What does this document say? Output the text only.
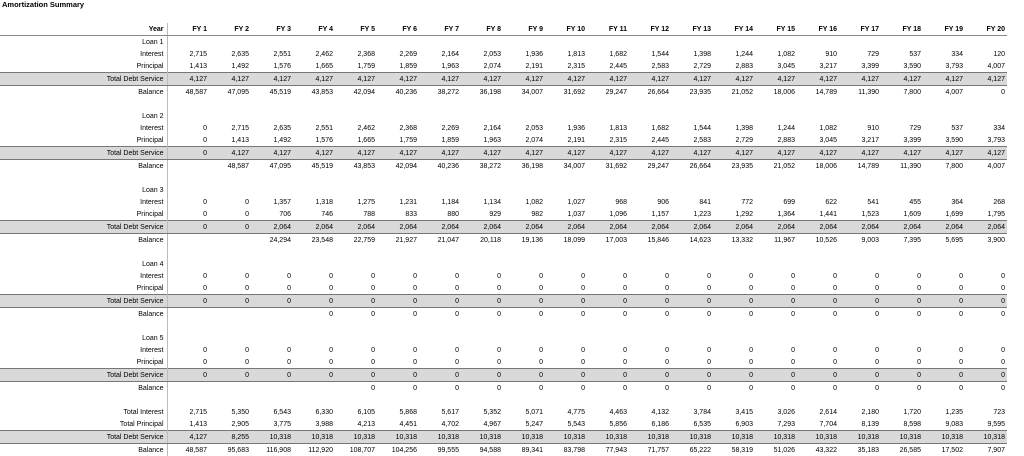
Amortization Summary
Year	FY 1	FY 2	FY 3	FY 4	FY 5	FY 6	FY 7	FY 8	FY 9	FY 10	FY 11	FY 12	FY 13	FY 14	FY 15	FY 16	FY 17	FY 18	FY 19	FY 20
Loan 1																				
Interest	2,715	2,635	2,551	2,462	2,368	2,269	2,164	2,053	1,936	1,813	1,682	1,544	1,398	1,244	1,082	910	729	537	334	120
Principal	1,413	1,492	1,576	1,665	1,759	1,859	1,963	2,074	2,191	2,315	2,445	2,583	2,729	2,883	3,045	3,217	3,399	3,590	3,793	4,007
Total Debt Service	4,127	4,127	4,127	4,127	4,127	4,127	4,127	4,127	4,127	4,127	4,127	4,127	4,127	4,127	4,127	4,127	4,127	4,127	4,127	4,127
Balance	48,587	47,095	45,519	43,853	42,094	40,236	38,272	36,198	34,007	31,692	29,247	26,664	23,935	21,052	18,006	14,789	11,390	7,800	4,007	0

Loan 2																				
Interest	0	2,715	2,635	2,551	2,462	2,368	2,269	2,164	2,053	1,936	1,813	1,682	1,544	1,398	1,244	1,082	910	729	537	334
Principal	0	1,413	1,492	1,576	1,665	1,759	1,859	1,963	2,074	2,191	2,315	2,445	2,583	2,729	2,883	3,045	3,217	3,399	3,590	3,793
Total Debt Service	0	4,127	4,127	4,127	4,127	4,127	4,127	4,127	4,127	4,127	4,127	4,127	4,127	4,127	4,127	4,127	4,127	4,127	4,127	4,127
Balance		48,587	47,095	45,519	43,853	42,094	40,236	38,272	36,198	34,007	31,692	29,247	26,664	23,935	21,052	18,006	14,789	11,390	7,800	4,007

Loan 3																				
Interest	0	0	1,357	1,318	1,275	1,231	1,184	1,134	1,082	1,027	968	906	841	772	699	622	541	455	364	268
Principal	0	0	706	746	788	833	880	929	982	1,037	1,096	1,157	1,223	1,292	1,364	1,441	1,523	1,609	1,699	1,795
Total Debt Service	0	0	2,064	2,064	2,064	2,064	2,064	2,064	2,064	2,064	2,064	2,064	2,064	2,064	2,064	2,064	2,064	2,064	2,064	2,064
Balance			24,294	23,548	22,759	21,927	21,047	20,118	19,136	18,099	17,003	15,846	14,623	13,332	11,967	10,526	9,003	7,395	5,695	3,900

Loan 4																				
Interest	0	0	0	0	0	0	0	0	0	0	0	0	0	0	0	0	0	0	0	0
Principal	0	0	0	0	0	0	0	0	0	0	0	0	0	0	0	0	0	0	0	0
Total Debt Service	0	0	0	0	0	0	0	0	0	0	0	0	0	0	0	0	0	0	0	0
Balance				0	0	0	0	0	0	0	0	0	0	0	0	0	0	0	0	0

Loan 5																				
Interest	0	0	0	0	0	0	0	0	0	0	0	0	0	0	0	0	0	0	0	0
Principal	0	0	0	0	0	0	0	0	0	0	0	0	0	0	0	0	0	0	0	0
Total Debt Service	0	0	0	0	0	0	0	0	0	0	0	0	0	0	0	0	0	0	0	0
Balance					0	0	0	0	0	0	0	0	0	0	0	0	0	0	0	0

Total Interest	2,715	5,350	6,543	6,330	6,105	5,868	5,617	5,352	5,071	4,775	4,463	4,132	3,784	3,415	3,026	2,614	2,180	1,720	1,235	723
Total Principal	1,413	2,905	3,775	3,988	4,213	4,451	4,702	4,967	5,247	5,543	5,856	6,186	6,535	6,903	7,293	7,704	8,139	8,598	9,083	9,595
Total Debt Service	4,127	8,255	10,318	10,318	10,318	10,318	10,318	10,318	10,318	10,318	10,318	10,318	10,318	10,318	10,318	10,318	10,318	10,318	10,318	10,318
Balance	48,587	95,683	116,908	112,920	108,707	104,256	99,555	94,588	89,341	83,798	77,943	71,757	65,222	58,319	51,026	43,322	35,183	26,585	17,502	7,907
